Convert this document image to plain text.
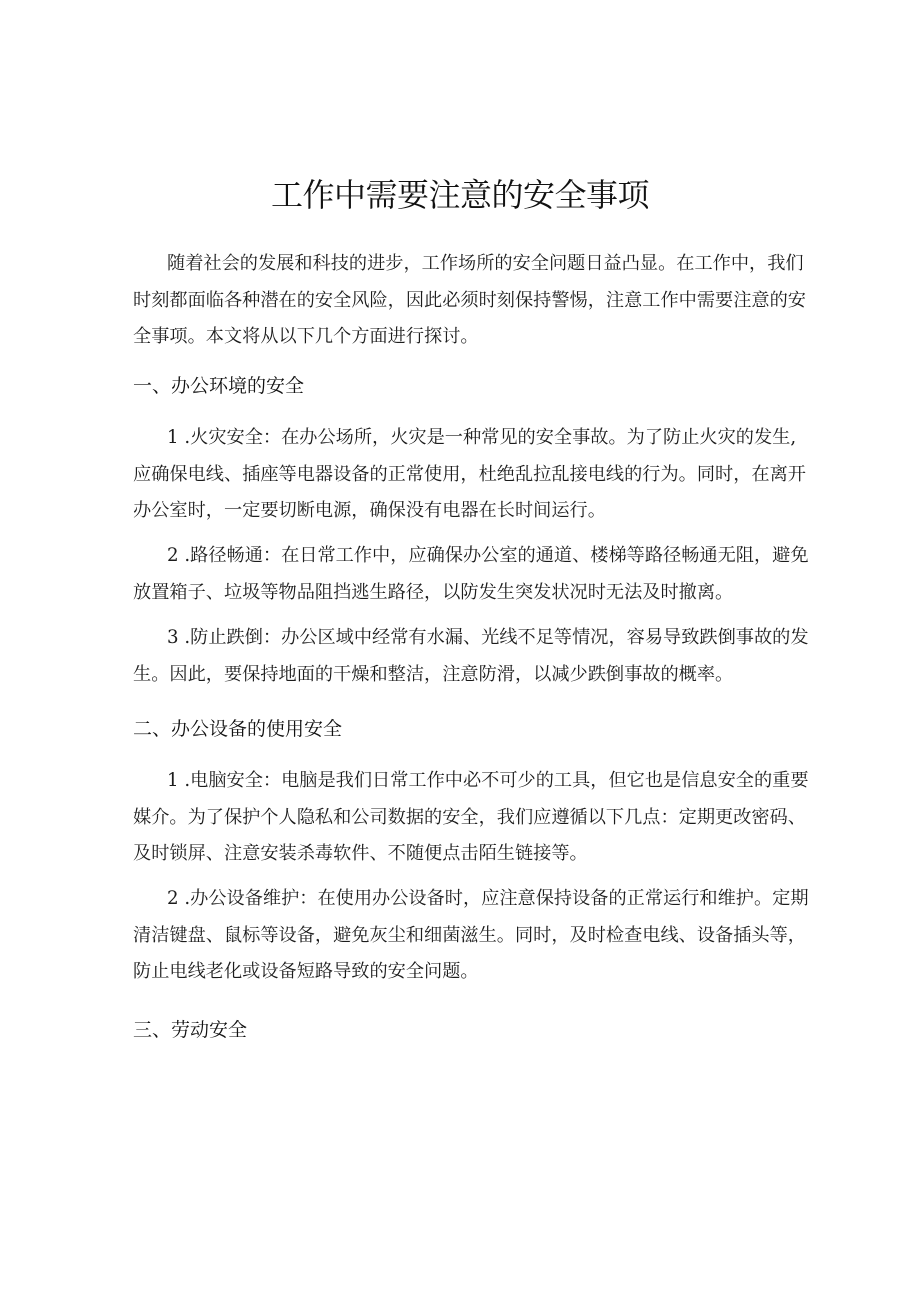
工作中需要注意的安全事项

随着社会的发展和科技的进步，工作场所的安全问题日益凸显。在工作中，我们时刻都面临各种潜在的安全风险，因此必须时刻保持警惕，注意工作中需要注意的安全事项。本文将从以下几个方面进行探讨。

一、办公环境的安全

1 .火灾安全：在办公场所，火灾是一种常见的安全事故。为了防止火灾的发生,应确保电线、插座等电器设备的正常使用，杜绝乱拉乱接电线的行为。同时，在离开办公室时，一定要切断电源，确保没有电器在长时间运行。

2 .路径畅通：在日常工作中，应确保办公室的通道、楼梯等路径畅通无阻，避免放置箱子、垃圾等物品阻挡逃生路径，以防发生突发状况时无法及时撤离。

3 .防止跌倒：办公区域中经常有水漏、光线不足等情况，容易导致跌倒事故的发生。因此，要保持地面的干燥和整洁，注意防滑，以减少跌倒事故的概率。

二、办公设备的使用安全

1 .电脑安全：电脑是我们日常工作中必不可少的工具，但它也是信息安全的重要媒介。为了保护个人隐私和公司数据的安全，我们应遵循以下几点：定期更改密码、及时锁屏、注意安装杀毒软件、不随便点击陌生链接等。

2 .办公设备维护：在使用办公设备时，应注意保持设备的正常运行和维护。定期清洁键盘、鼠标等设备，避免灰尘和细菌滋生。同时，及时检查电线、设备插头等，防止电线老化或设备短路导致的安全问题。

三、劳动安全
